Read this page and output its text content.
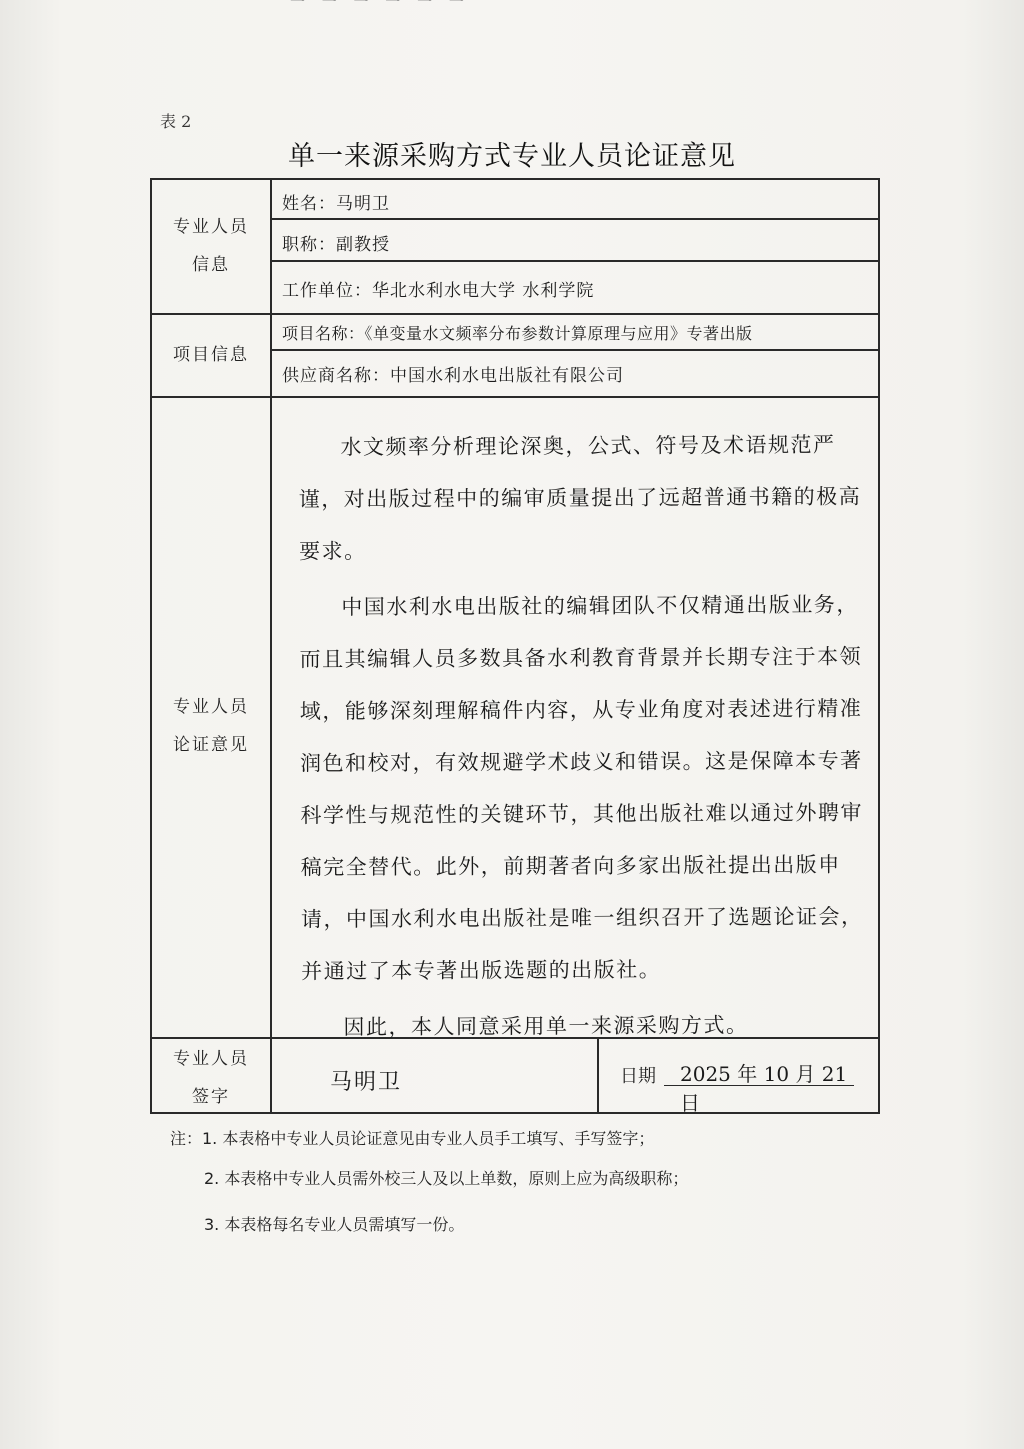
一 一 一 一 一 一
表 2
单一来源采购方式专业人员论证意见
专业人员
信息
项目信息
专业人员
论证意见
专业人员
签字
姓名：马明卫
职称：副教授
工作单位：华北水利水电大学 水利学院
项目名称：《单变量水文频率分布参数计算原理与应用》专著出版
供应商名称：中国水利水电出版社有限公司

水文频率分析理论深奥，公式、符号及术语规范严谨，对出版过程中的编审质量提出了远超普通书籍的极高要求。

中国水利水电出版社的编辑团队不仅精通出版业务，而且其编辑人员多数具备水利教育背景并长期专注于本领域，能够深刻理解稿件内容，从专业角度对表述进行精准润色和校对，有效规避学术歧义和错误。这是保障本专著科学性与规范性的关键环节，其他出版社难以通过外聘审稿完全替代。此外，前期著者向多家出版社提出出版申请，中国水利水电出版社是唯一组织召开了选题论证会，并通过了本专著出版选题的出版社。

因此，本人同意采用单一来源采购方式。

马明卫	日期	2025 年 10 月 21 日
注：1. 本表格中专业人员论证意见由专业人员手工填写、手写签字；
2. 本表格中专业人员需外校三人及以上单数，原则上应为高级职称；
3. 本表格每名专业人员需填写一份。
